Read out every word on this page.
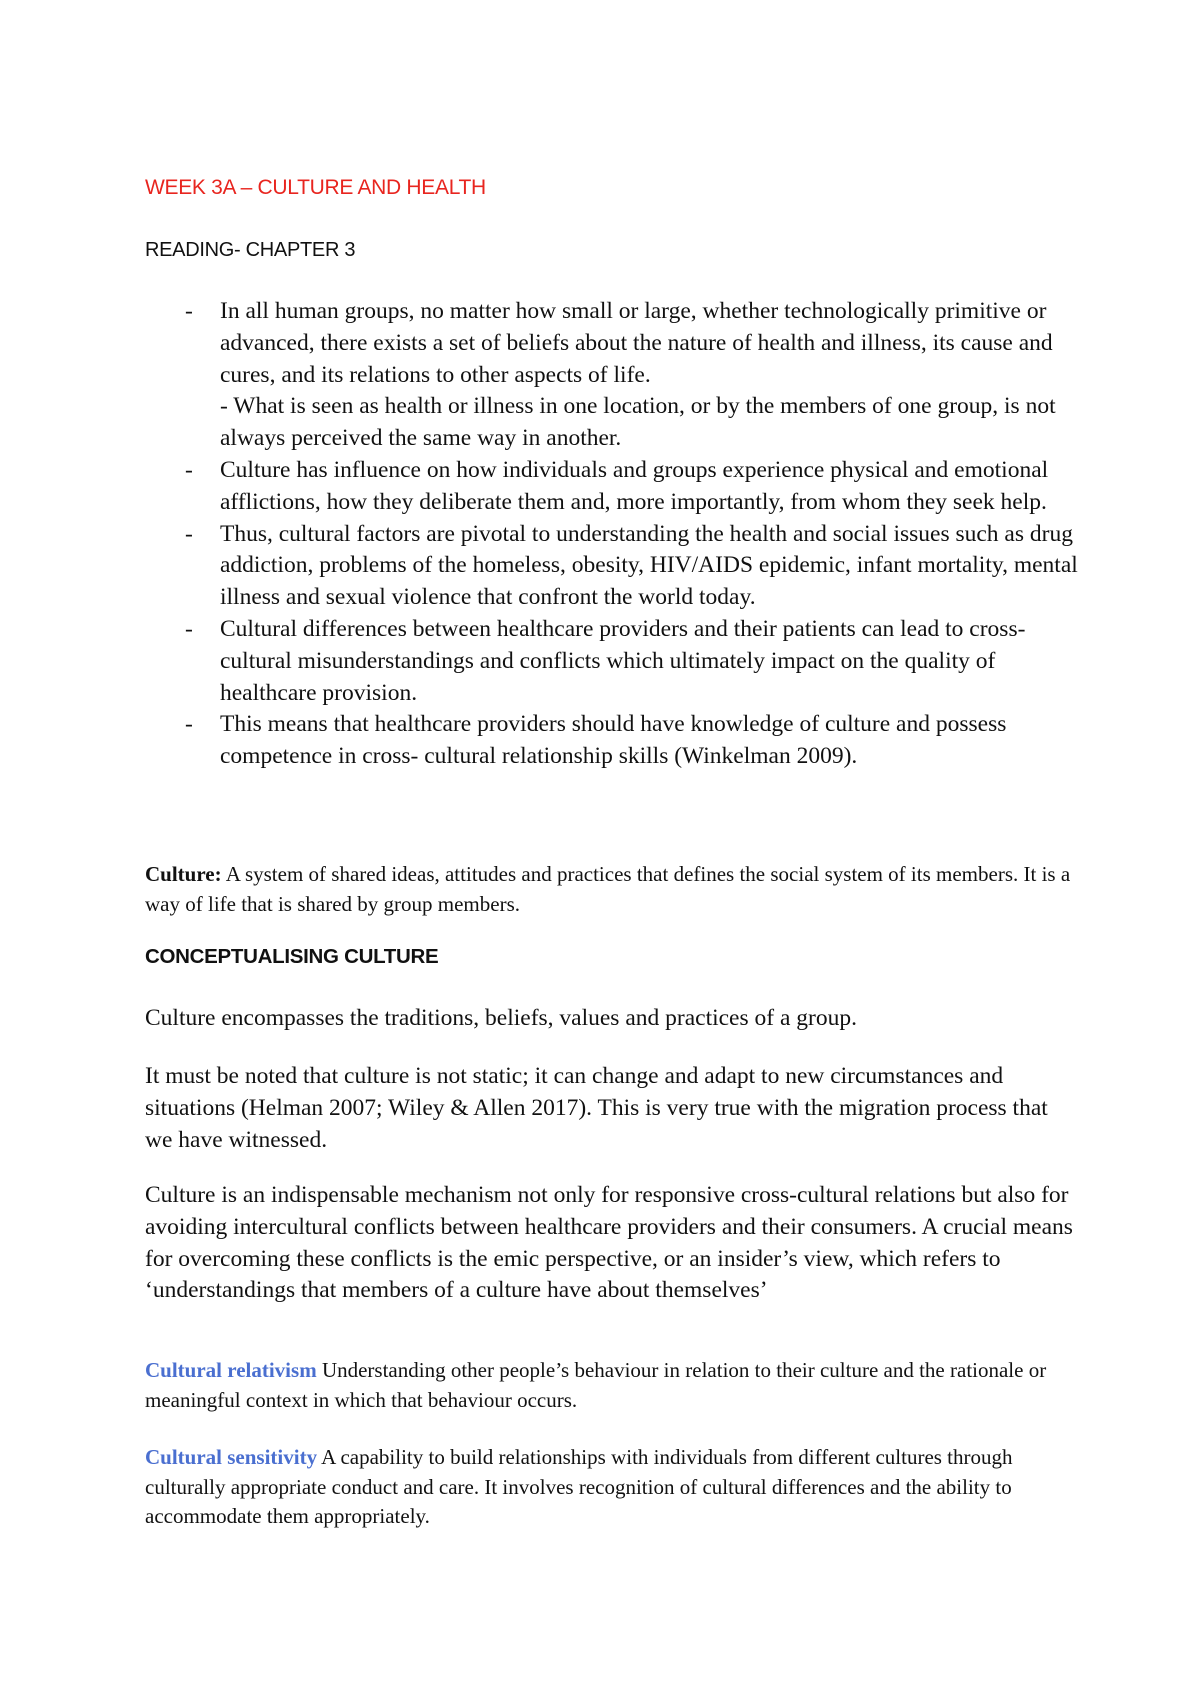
WEEK 3A – CULTURE AND HEALTH
READING- CHAPTER 3
- In all human groups, no matter how small or large, whether technologically primitive or advanced, there exists a set of beliefs about the nature of health and illness, its cause and cures, and its relations to other aspects of life.
- What is seen as health or illness in one location, or by the members of one group, is not always perceived the same way in another.
- Culture has influence on how individuals and groups experience physical and emotional afflictions, how they deliberate them and, more importantly, from whom they seek help.
- Thus, cultural factors are pivotal to understanding the health and social issues such as drug addiction, problems of the homeless, obesity, HIV/AIDS epidemic, infant mortality, mental illness and sexual violence that confront the world today.
- Cultural differences between healthcare providers and their patients can lead to cross-cultural misunderstandings and conflicts which ultimately impact on the quality of healthcare provision.
- This means that healthcare providers should have knowledge of culture and possess competence in cross- cultural relationship skills (Winkelman 2009).

Culture: A system of shared ideas, attitudes and practices that defines the social system of its members. It is a way of life that is shared by group members.

CONCEPTUALISING CULTURE

Culture encompasses the traditions, beliefs, values and practices of a group.

It must be noted that culture is not static; it can change and adapt to new circumstances and situations (Helman 2007; Wiley & Allen 2017). This is very true with the migration process that we have witnessed.

Culture is an indispensable mechanism not only for responsive cross-cultural relations but also for avoiding intercultural conflicts between healthcare providers and their consumers. A crucial means for overcoming these conflicts is the emic perspective, or an insider’s view, which refers to ‘understandings that members of a culture have about themselves’

Cultural relativism Understanding other people’s behaviour in relation to their culture and the rationale or meaningful context in which that behaviour occurs.

Cultural sensitivity A capability to build relationships with individuals from different cultures through culturally appropriate conduct and care. It involves recognition of cultural differences and the ability to accommodate them appropriately.
